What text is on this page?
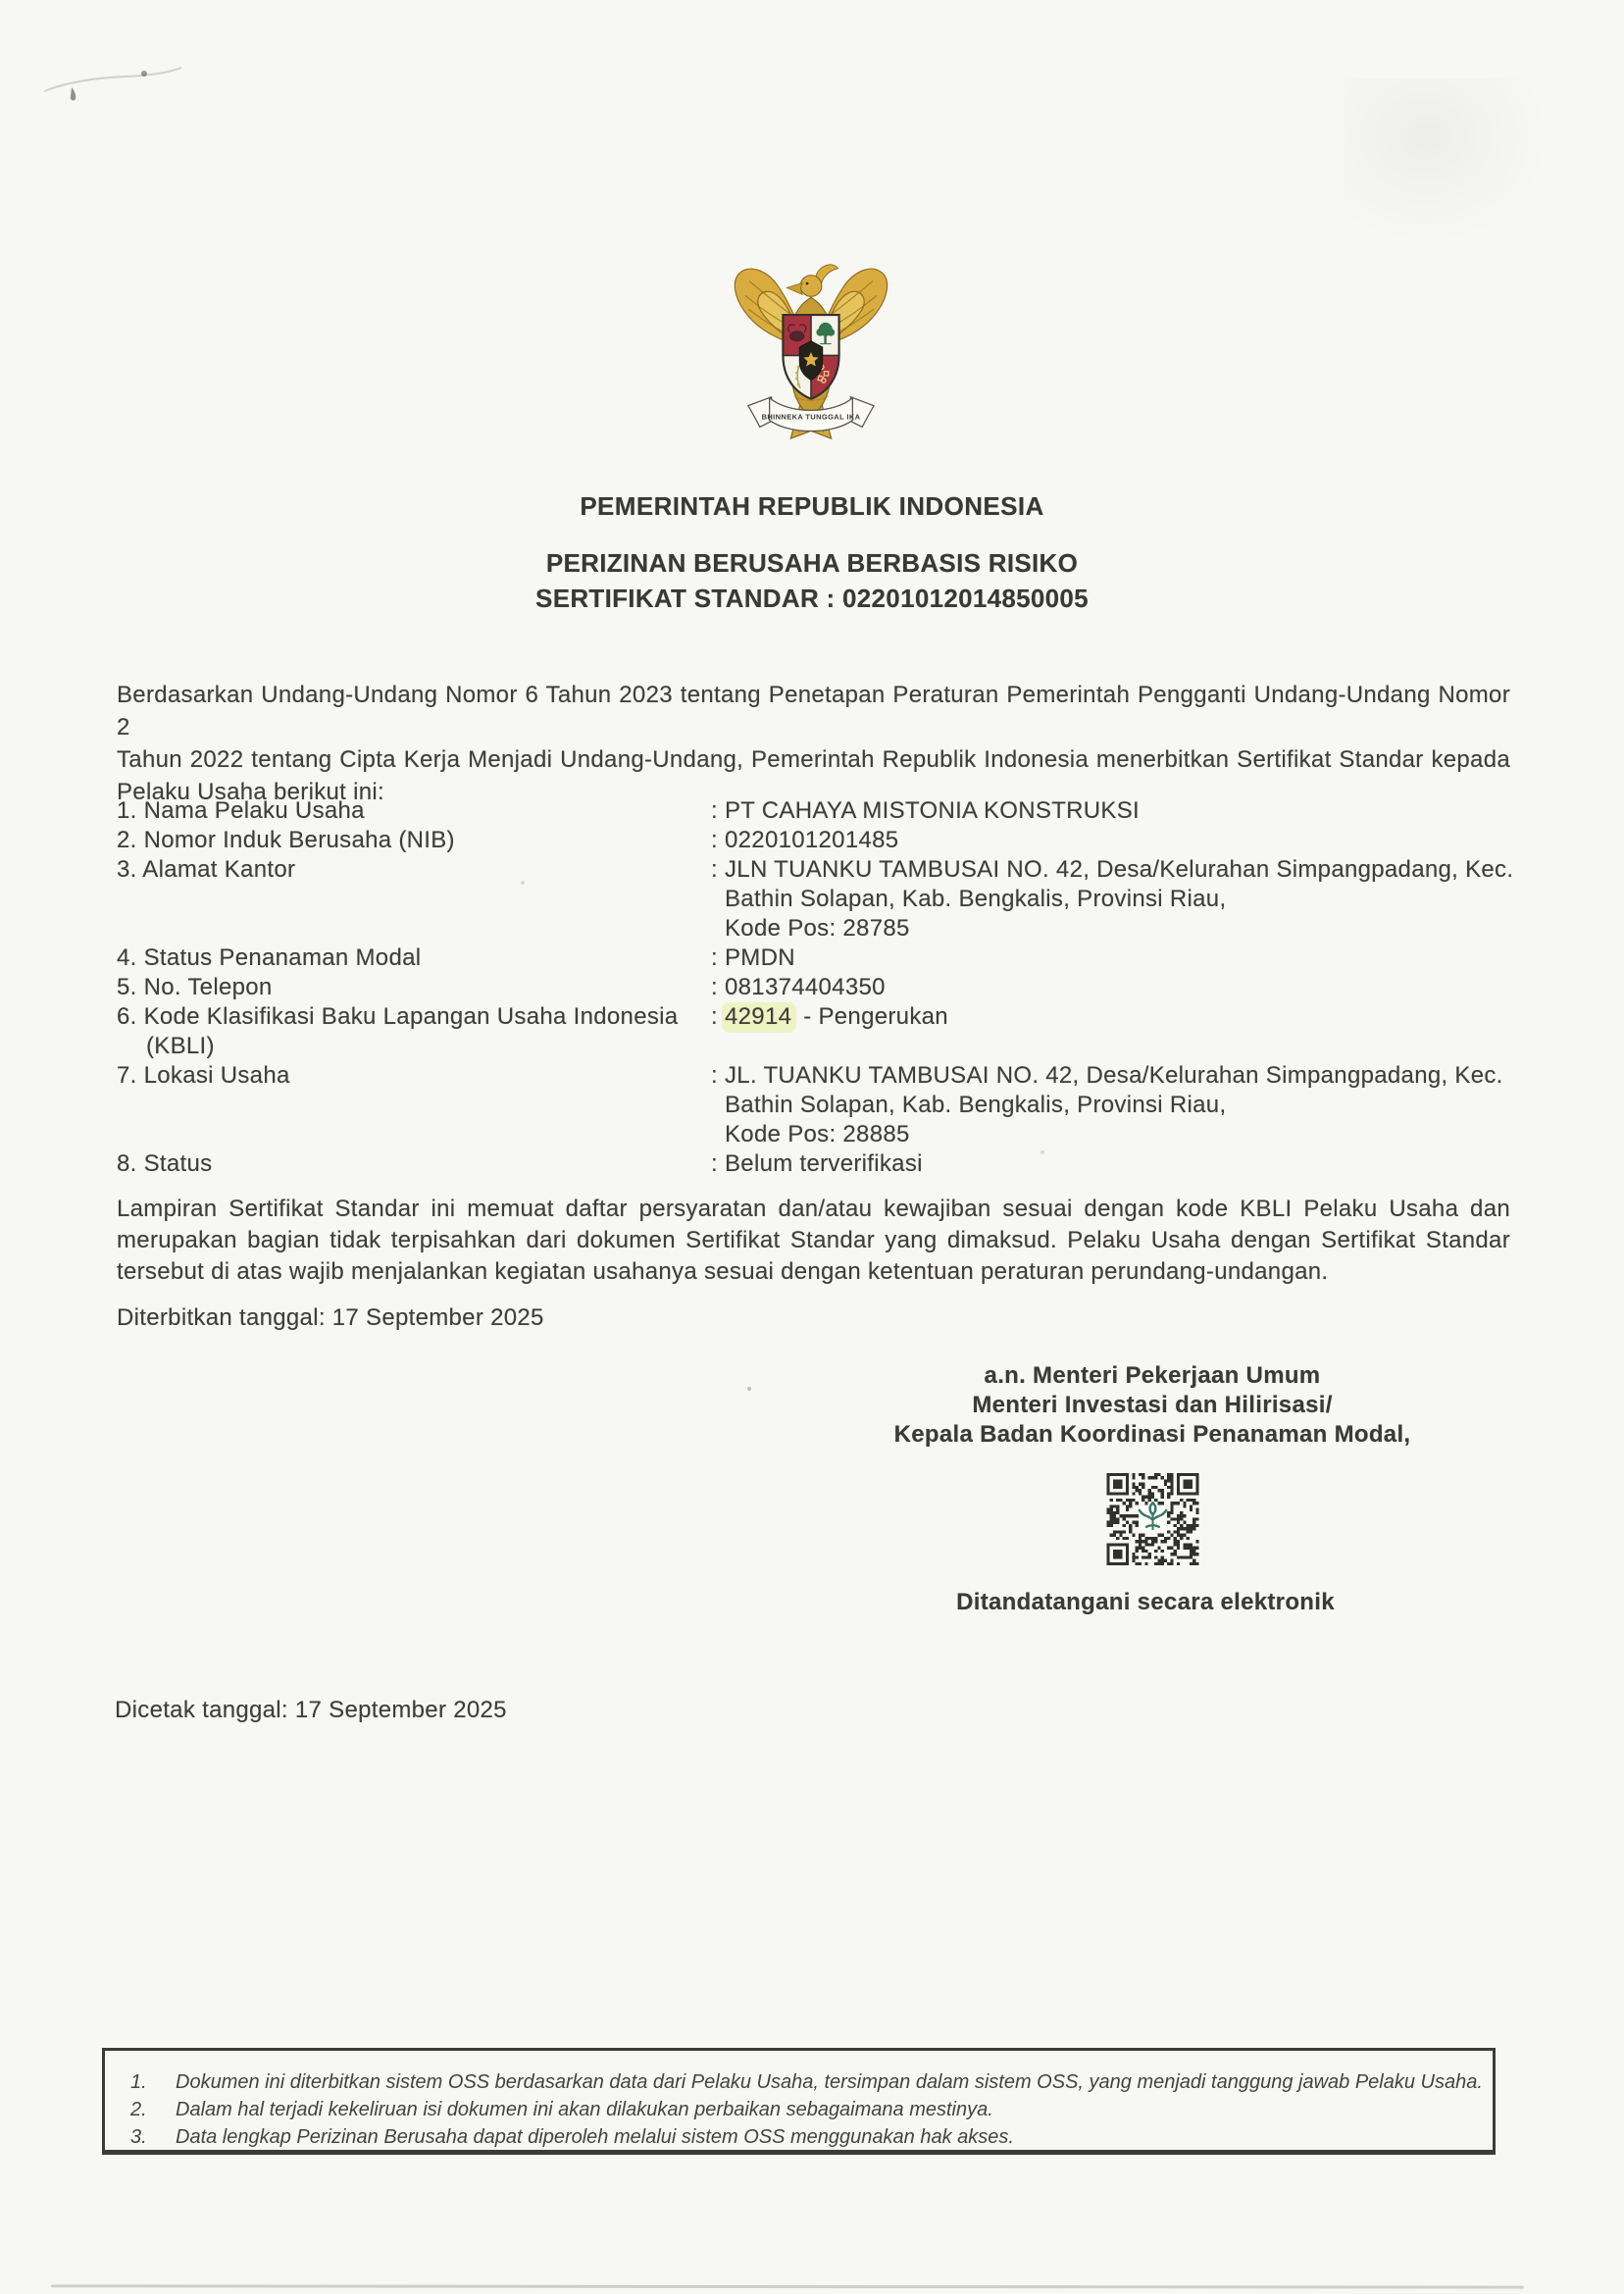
BHINNEKA TUNGGAL IKA
PEMERINTAH REPUBLIK INDONESIA
PERIZINAN BERUSAHA BERBASIS RISIKO
SERTIFIKAT STANDAR : 02201012014850005
Berdasarkan Undang-Undang Nomor 6 Tahun 2023 tentang Penetapan Peraturan Pemerintah Pengganti Undang-Undang Nomor 2
Tahun 2022 tentang Cipta Kerja Menjadi Undang-Undang, Pemerintah Republik Indonesia menerbitkan Sertifikat Standar kepada
Pelaku Usaha berikut ini:
1. Nama Pelaku Usaha	: PT CAHAYA MISTONIA KONSTRUKSI
2. Nomor Induk Berusaha (NIB)	: 0220101201485
3. Alamat Kantor	: JLN TUANKU TAMBUSAI NO. 42, Desa/Kelurahan Simpangpadang, Kec.
Bathin Solapan, Kab. Bengkalis, Provinsi Riau,
Kode Pos: 28785
4. Status Penanaman Modal	: PMDN
5. No. Telepon	: 081374404350
6. Kode Klasifikasi Baku Lapangan Usaha Indonesia
(KBLI)
: 42914 - Pengerukan
7. Lokasi Usaha	: JL. TUANKU TAMBUSAI NO. 42, Desa/Kelurahan Simpangpadang, Kec.
Bathin Solapan, Kab. Bengkalis, Provinsi Riau,
Kode Pos: 28885
8. Status	: Belum terverifikasi
Lampiran Sertifikat Standar ini memuat daftar persyaratan dan/atau kewajiban sesuai dengan kode KBLI Pelaku Usaha dan
merupakan bagian tidak terpisahkan dari dokumen Sertifikat Standar yang dimaksud. Pelaku Usaha dengan Sertifikat Standar
tersebut di atas wajib menjalankan kegiatan usahanya sesuai dengan ketentuan peraturan perundang-undangan.
Diterbitkan tanggal: 17 September 2025
a.n. Menteri Pekerjaan Umum
Menteri Investasi dan Hilirisasi/
Kepala Badan Koordinasi Penanaman Modal,
Ditandatangani secara elektronik
Dicetak tanggal: 17 September 2025
1.	Dokumen ini diterbitkan sistem OSS berdasarkan data dari Pelaku Usaha, tersimpan dalam sistem OSS, yang menjadi tanggung jawab Pelaku Usaha.
2.	Dalam hal terjadi kekeliruan isi dokumen ini akan dilakukan perbaikan sebagaimana mestinya.
3.	Data lengkap Perizinan Berusaha dapat diperoleh melalui sistem OSS menggunakan hak akses.
